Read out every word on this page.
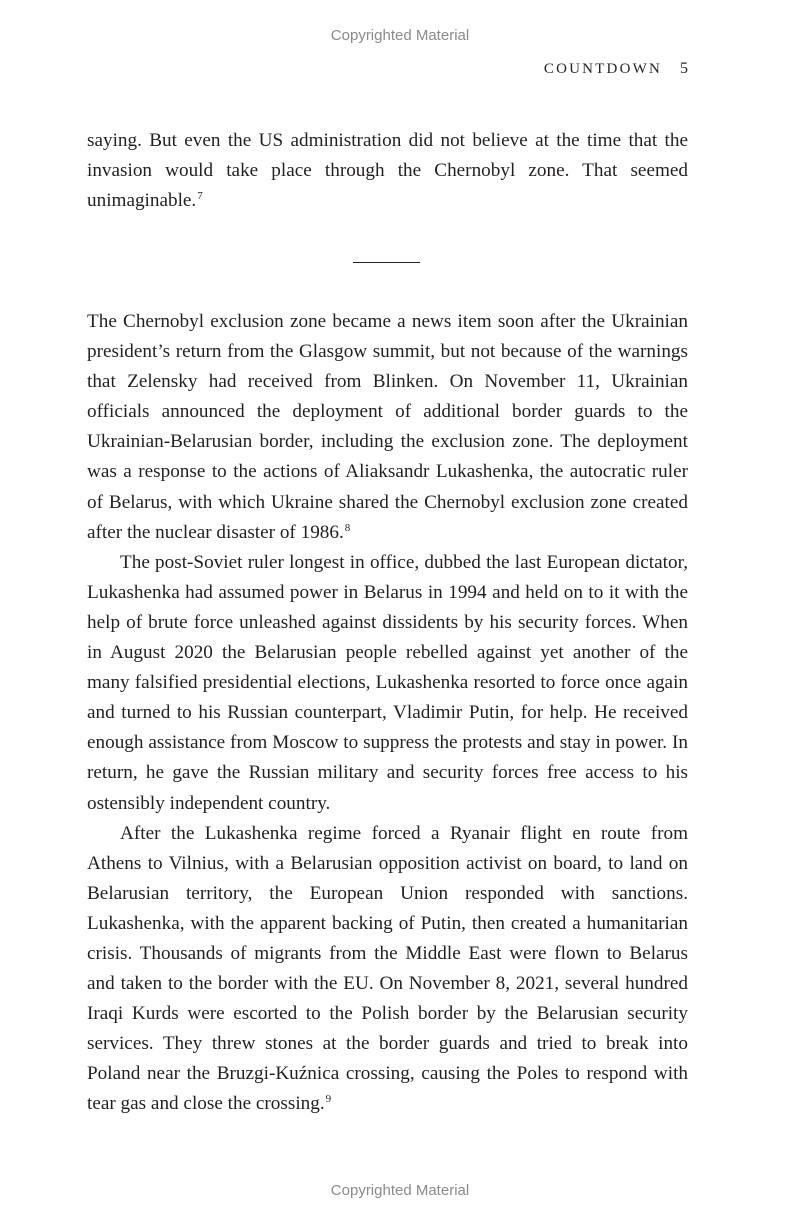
Copyrighted Material
COUNTDOWN 5

saying. But even the US administration did not believe at the time that the invasion would take place through the Chernobyl zone. That seemed unimaginable.$^7$

The Chernobyl exclusion zone became a news item soon after the Ukrainian president’s return from the Glasgow summit, but not because of the warnings that Zelensky had received from Blinken. On November 11, Ukrainian officials announced the deployment of additional border guards to the Ukrainian-Belarusian border, including the exclusion zone. The deployment was a response to the actions of Aliaksandr Lukashenka, the autocratic ruler of Belarus, with which Ukraine shared the Chernobyl exclusion zone created after the nuclear disaster of 1986.$^8$

The post-Soviet ruler longest in office, dubbed the last European dictator, Lukashenka had assumed power in Belarus in 1994 and held on to it with the help of brute force unleashed against dissidents by his security forces. When in August 2020 the Belarusian people rebelled against yet another of the many falsified presidential elections, Lukashenka resorted to force once again and turned to his Russian counterpart, Vladimir Putin, for help. He received enough assistance from Moscow to suppress the protests and stay in power. In return, he gave the Russian military and security forces free access to his ostensibly independent country.

After the Lukashenka regime forced a Ryanair flight en route from Athens to Vilnius, with a Belarusian opposition activist on board, to land on Belarusian territory, the European Union responded with sanctions. Lukashenka, with the apparent backing of Putin, then created a humanitarian crisis. Thousands of migrants from the Middle East were flown to Belarus and taken to the border with the EU. On November 8, 2021, several hundred Iraqi Kurds were escorted to the Polish border by the Belarusian security services. They threw stones at the border guards and tried to break into Poland near the Bruzgi-Kuźnica crossing, causing the Poles to respond with tear gas and close the crossing.$^9$

Copyrighted Material
